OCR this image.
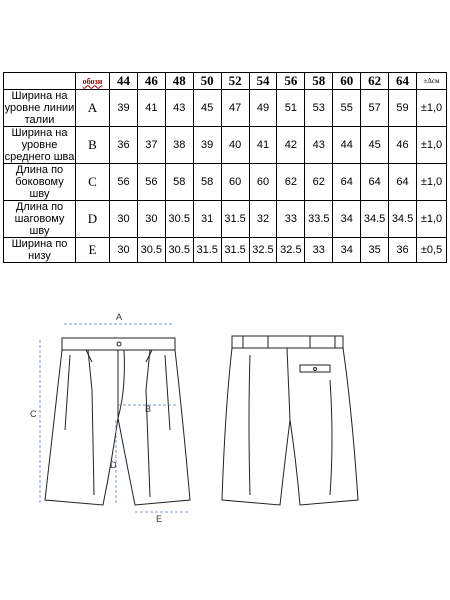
	обозн	44	46	48	50	52	54	56	58	60	62	64	±Δсм
Ширина на уровне линии талии	A	39	41	43	45	47	49	51	53	55	57	59	±1,0
Ширина на уровне среднего шва	B	36	37	38	39	40	41	42	43	44	45	46	±1,0
Длина по боковому шву	C	56	56	58	58	60	60	62	62	64	64	64	±1,0
Длина по шаговому шву	D	30	30	30.5	31	31.5	32	33	33.5	34	34.5	34.5	±1,0
Ширина по низу	E	30	30.5	30.5	31.5	31.5	32.5	32.5	33	34	35	36	±0,5
A
B
C
D
E
